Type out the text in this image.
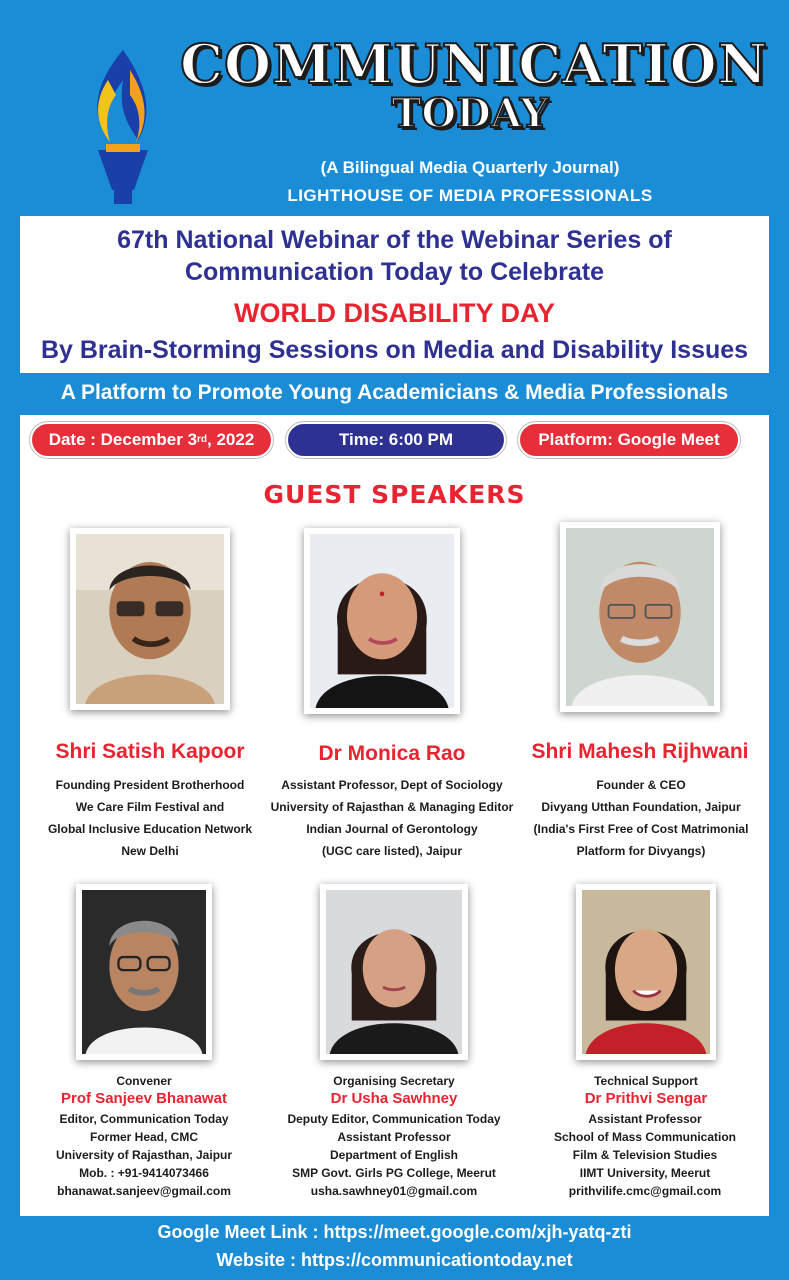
COMMUNICATION
TODAY
(A Bilingual Media Quarterly Journal)
LIGHTHOUSE OF MEDIA PROFESSIONALS
67th National Webinar of the Webinar Series of
Communication Today to Celebrate
WORLD DISABILITY DAY
By Brain-Storming Sessions on Media and Disability Issues
A Platform to Promote Young Academicians & Media Professionals
Date : December 3 rd , 2022	Time: 6:00 PM	Platform: Google Meet
GUEST SPEAKERS
Shri Satish Kapoor
Founding President Brotherhood
We Care Film Festival and
Global Inclusive Education Network
New Delhi
Dr Monica Rao
Assistant Professor, Dept of Sociology
University of Rajasthan & Managing Editor
Indian Journal of Gerontology
(UGC care listed), Jaipur
Shri Mahesh Rijhwani
Founder & CEO
Divyang Utthan Foundation, Jaipur
(India's First Free of Cost Matrimonial
Platform for Divyangs)
Convener
Prof Sanjeev Bhanawat
Editor, Communication Today
Former Head, CMC
University of Rajasthan, Jaipur
Mob. : +91-9414073466
bhanawat.sanjeev@gmail.com
Organising Secretary
Dr Usha Sawhney
Deputy Editor, Communication Today
Assistant Professor
Department of English
SMP Govt. Girls PG College, Meerut
usha.sawhney01@gmail.com
Technical Support
Dr Prithvi Sengar
Assistant Professor
School of Mass Communication
Film & Television Studies
IIMT University, Meerut
prithvilife.cmc@gmail.com
Google Meet Link : https://meet.google.com/xjh-yatq-zti
Website : https://communicationtoday.net
